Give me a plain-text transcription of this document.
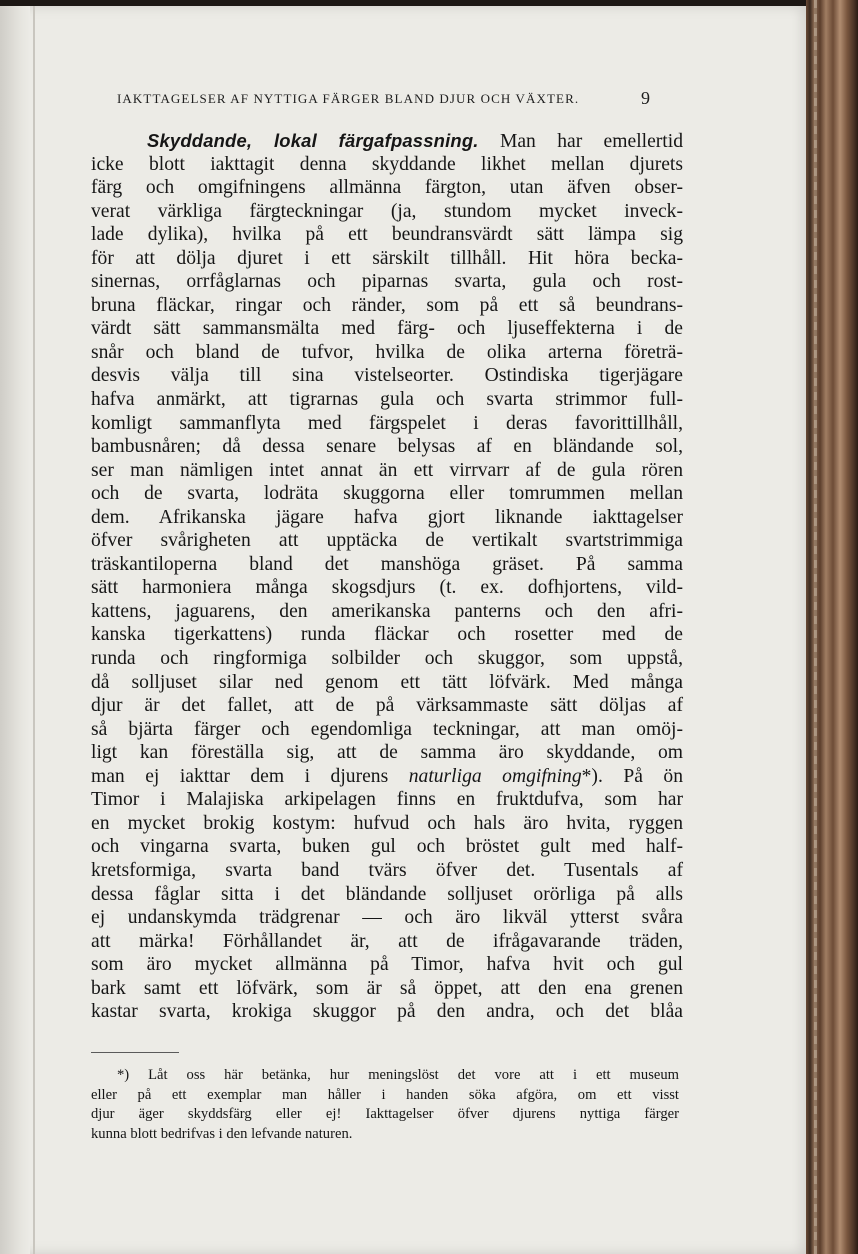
IAKTTAGELSER AF NYTTIGA FÄRGER BLAND DJUR OCH VÄXTER.	9
Skyddande, lokal färgafpassning. Man har emellertid
icke blott iakttagit denna skyddande likhet mellan djurets
färg och omgifningens allmänna färgton, utan äfven obser-
verat värkliga färgteckningar (ja, stundom mycket inveck-
lade dylika), hvilka på ett beundransvärdt sätt lämpa sig
för att dölja djuret i ett särskilt tillhåll. Hit höra becka-
sinernas, orrfåglarnas och piparnas svarta, gula och rost-
bruna fläckar, ringar och ränder, som på ett så beundrans-
värdt sätt sammansmälta med färg- och ljuseffekterna i de
snår och bland de tufvor, hvilka de olika arterna företrä-
desvis välja till sina vistelseorter. Ostindiska tigerjägare
hafva anmärkt, att tigrarnas gula och svarta strimmor full-
komligt sammanflyta med färgspelet i deras favorittillhåll,
bambusnåren; då dessa senare belysas af en bländande sol,
ser man nämligen intet annat än ett virrvarr af de gula rören
och de svarta, lodräta skuggorna eller tomrummen mellan
dem. Afrikanska jägare hafva gjort liknande iakttagelser
öfver svårigheten att upptäcka de vertikalt svartstrimmiga
träskantiloperna bland det manshöga gräset. På samma
sätt harmoniera många skogsdjurs (t. ex. dofhjortens, vild-
kattens, jaguarens, den amerikanska panterns och den afri-
kanska tigerkattens) runda fläckar och rosetter med de
runda och ringformiga solbilder och skuggor, som uppstå,
då solljuset silar ned genom ett tätt löfvärk. Med många
djur är det fallet, att de på värksammaste sätt döljas af
så bjärta färger och egendomliga teckningar, att man omöj-
ligt kan föreställa sig, att de samma äro skyddande, om
man ej iakttar dem i djurens naturliga omgifning*). På ön
Timor i Malajiska arkipelagen finns en fruktdufva, som har
en mycket brokig kostym: hufvud och hals äro hvita, ryggen
och vingarna svarta, buken gul och bröstet gult med half-
kretsformiga, svarta band tvärs öfver det. Tusentals af
dessa fåglar sitta i det bländande solljuset orörliga på alls
ej undanskymda trädgrenar — och äro likväl ytterst svåra
att märka! Förhållandet är, att de ifrågavarande träden,
som äro mycket allmänna på Timor, hafva hvit och gul
bark samt ett löfvärk, som är så öppet, att den ena grenen
kastar svarta, krokiga skuggor på den andra, och det blåa
*) Låt oss här betänka, hur meningslöst det vore att i ett museum
eller på ett exemplar man håller i handen söka afgöra, om ett visst
djur äger skyddsfärg eller ej! Iakttagelser öfver djurens nyttiga färger
kunna blott bedrifvas i den lefvande naturen.
